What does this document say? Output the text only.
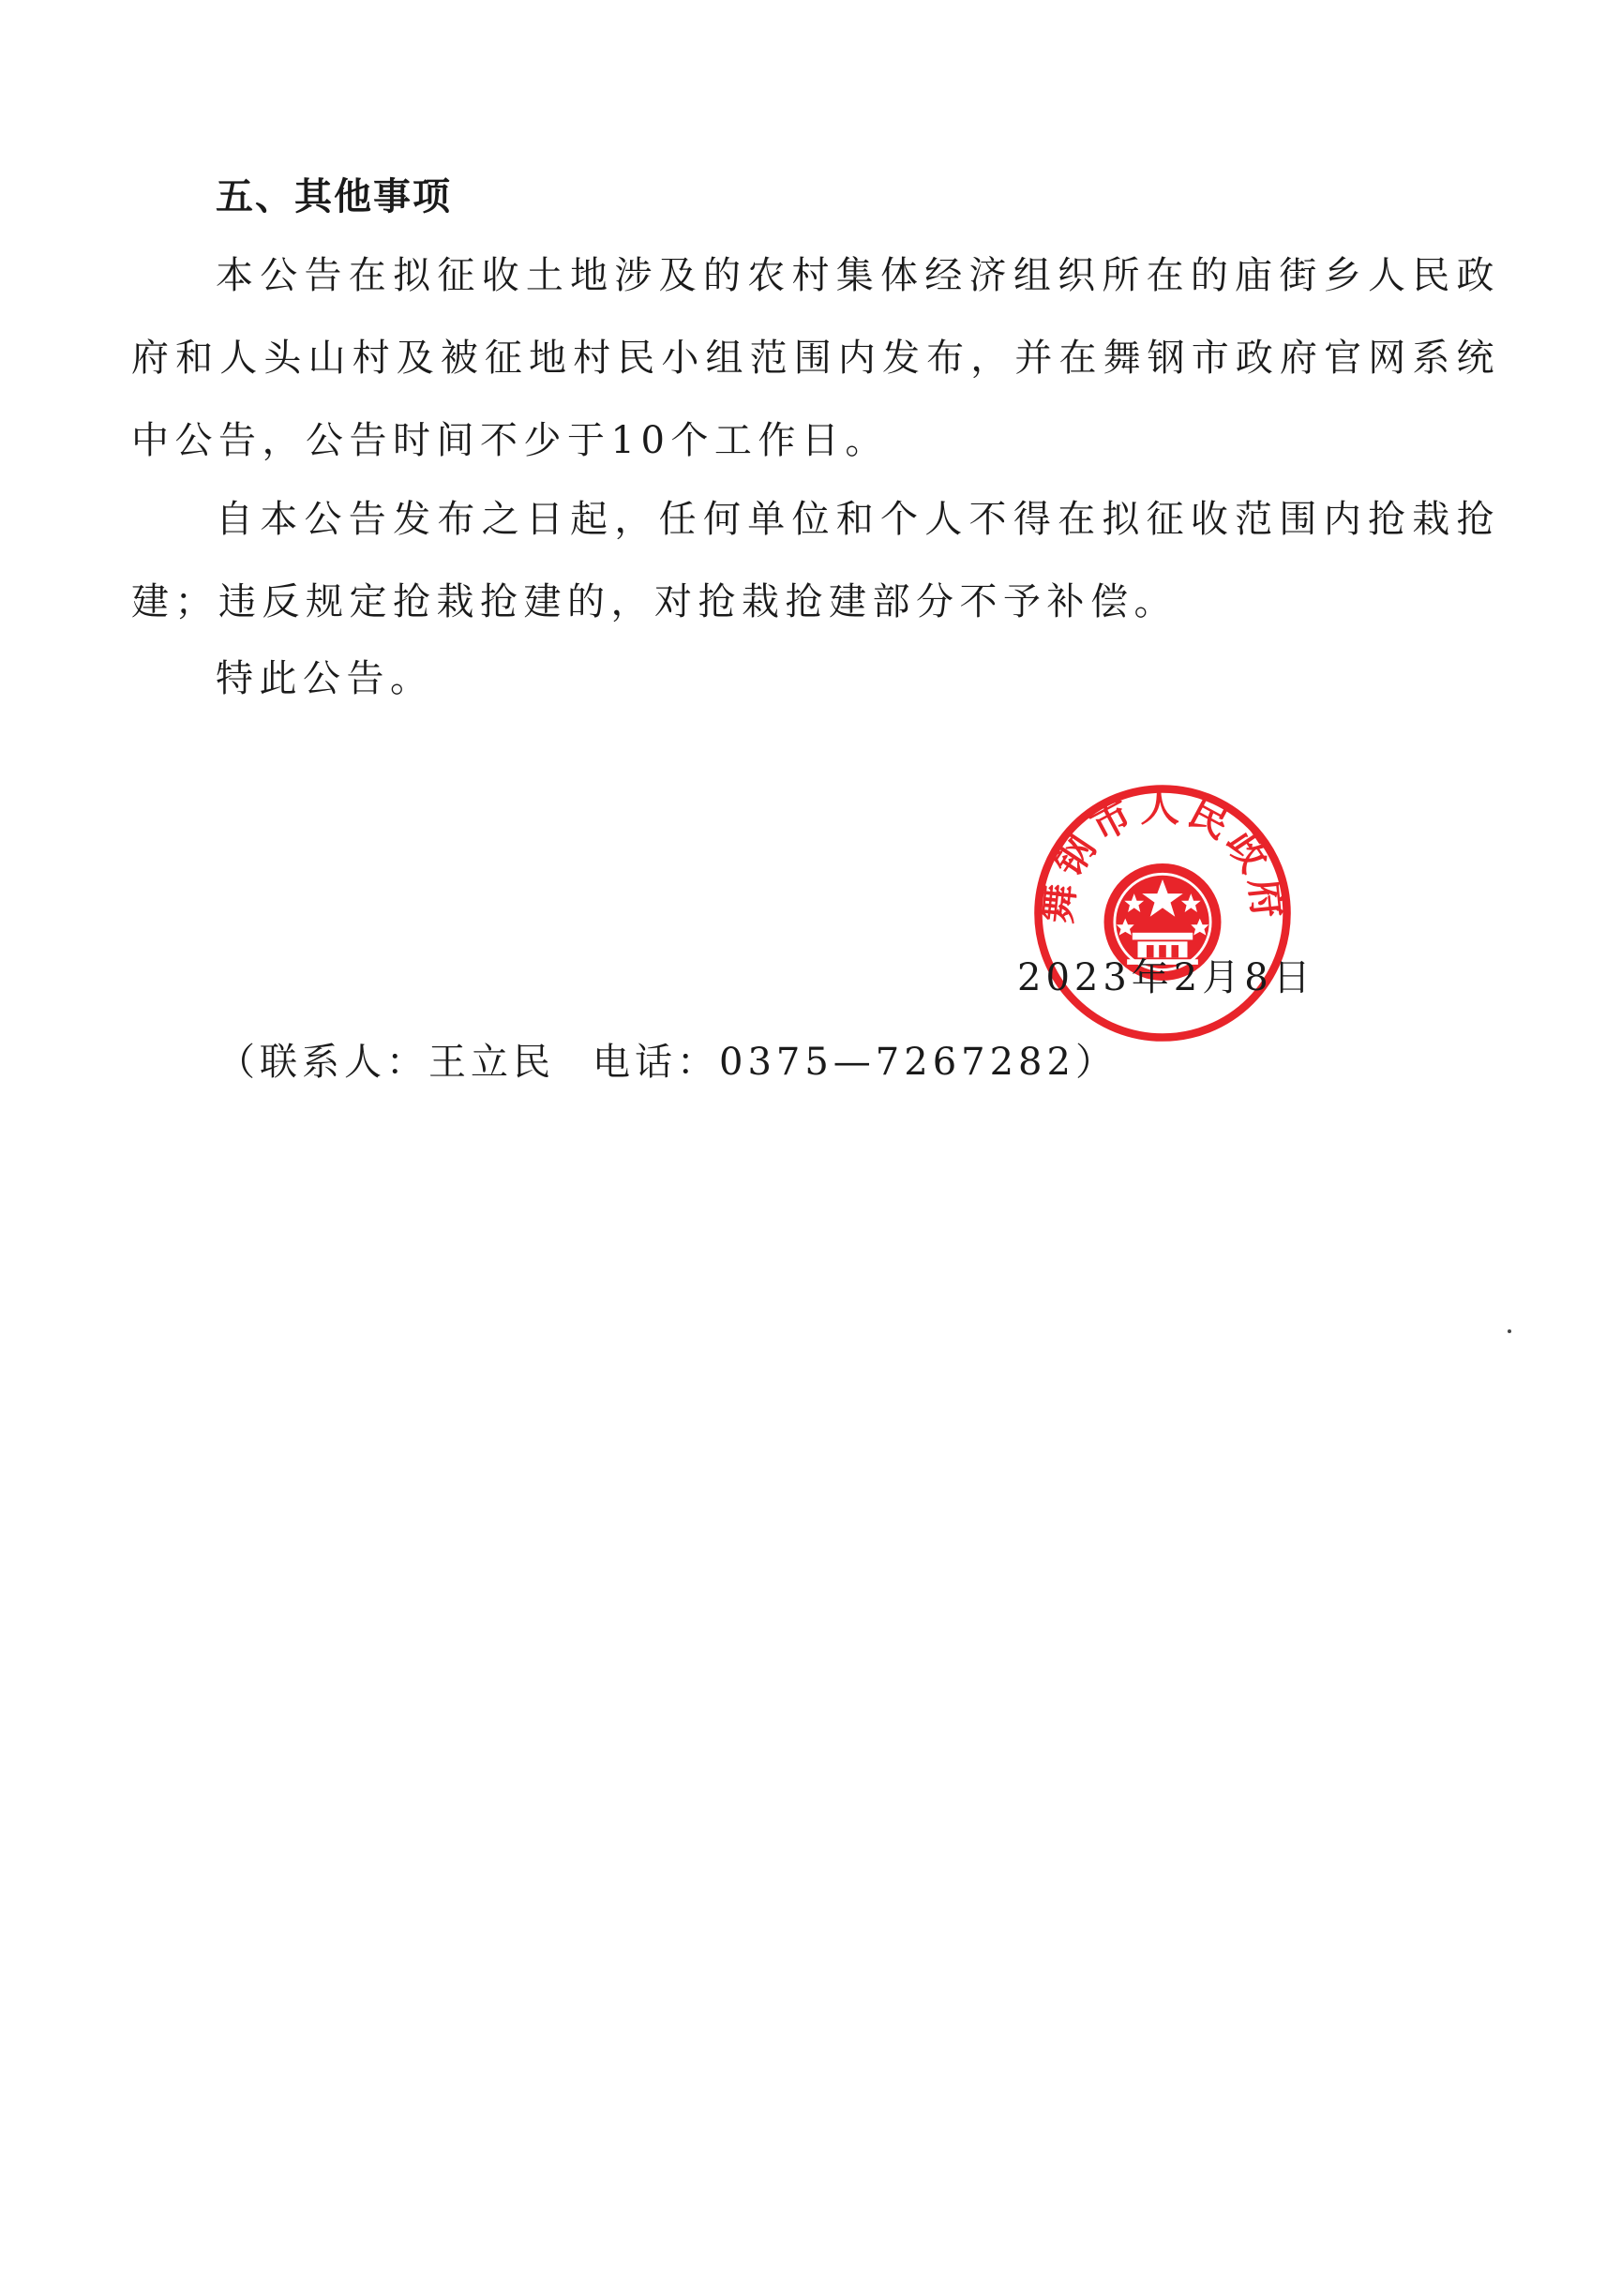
五、其他事项

本公告在拟征收土地涉及的农村集体经济组织所在的庙街乡人民政府和人头山村及被征地村民小组范围内发布，并在舞钢市政府官网系统中公告，公告时间不少于10个工作日。

自本公告发布之日起，任何单位和个人不得在拟征收范围内抢栽抢建；违反规定抢栽抢建的，对抢栽抢建部分不予补偿。

特此公告。

舞钢市人民政府
2023年2月8日
（联系人：王立民 电话：0375—7267282）
